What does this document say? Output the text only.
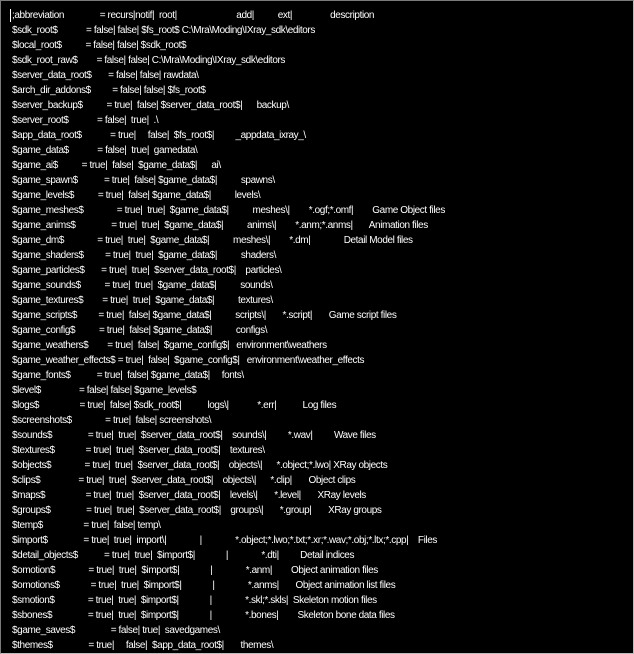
;abbreviation               = recurs|notif|  root|                         add|          ext|                description
$sdk_root$            = false| false| $fs_root$ C:\Mra\Moding\IXray_sdk\editors
$local_root$          = false| false| $sdk_root$
$sdk_root_raw$        = false| false| C:\Mra\Moding\IXray_sdk\editors
$server_data_root$       = false| false| rawdata\
$arch_dir_addons$         = false| false| $fs_root$
$server_backup$          = true|  false| $server_data_root$|      backup\
$server_root$            = false|  true|  .\
$app_data_root$            = true|     false|  $fs_root$|         _appdata_ixray_\
$game_data$            = false|  true|  gamedata\
$game_ai$          = true|  false|  $game_data$|      ai\
$game_spawn$           = true|  false| $game_data$|          spawns\
$game_levels$          = true|  false| $game_data$|          levels\
$game_meshes$              = true|  true|  $game_data$|          meshes\|        *.ogf;*.omf|        Game Object files
$game_anims$               = true|  true|  $game_data$|          anims\|        *.anm;*.anms|       Animation files
$game_dm$              = true|  true|  $game_data$|          meshes\|        *.dm|              Detail Model files
$game_shaders$         = true|  true|  $game_data$|          shaders\
$game_particles$       = true|  true|  $server_data_root$|    particles\
$game_sounds$          = true|  true|  $game_data$|          sounds\
$game_textures$        = true|  true|  $game_data$|          textures\
$game_scripts$         = true|  false| $game_data$|          scripts\|       *.script|       Game script files
$game_config$          = true|  false| $game_data$|          configs\
$game_weathers$        = true|  false|  $game_config$|   environment\weathers
$game_weather_effects$ = true|  false|  $game_config$|   environment\weather_effects
$game_fonts$           = true|  false| $game_data$|     fonts\
$level$                = false| false| $game_levels$
$logs$                 = true|  false| $sdk_root$|           logs\|            *.err|           Log files
$screenshots$              = true|  false| screenshots\
$sounds$               = true|  true|  $server_data_root$|    sounds\|         *.wav|         Wave files
$textures$             = true|  true|  $server_data_root$|    textures\
$objects$              = true|  true|  $server_data_root$|    objects\|      *.object;*.lwo| XRay objects
$clips$                = true|  true|  $server_data_root$|    objects\|      *.clip|       Object clips
$maps$                 = true|  true|  $server_data_root$|    levels\|       *.level|       XRay levels
$groups$               = true|  true|  $server_data_root$|    groups\|       *.group|       XRay groups
$temp$                 = true|  false| temp\
$import$               = true|  true|  import\|              |              *.object;*.lwo;*.txt;*.xr;*.wav;*.obj;*.ltx;*.cpp|    Files
$detail_objects$           = true|  true|  $import$|             |              *.dti|         Detail indices
$omotion$              = true|  true|  $import$|             |              *.anm|        Object animation files
$omotions$             = true|  true|  $import$|             |              *.anms|       Object animation list files
$smotion$              = true|  true|  $import$|             |              *.skl;*.skls|  Skeleton motion files
$sbones$               = true|  true|  $import$|             |              *.bones|        Skeleton bone data files
$game_saves$               = false| true|  savedgames\
$themes$               = true|     false|  $app_data_root$|       themes\
